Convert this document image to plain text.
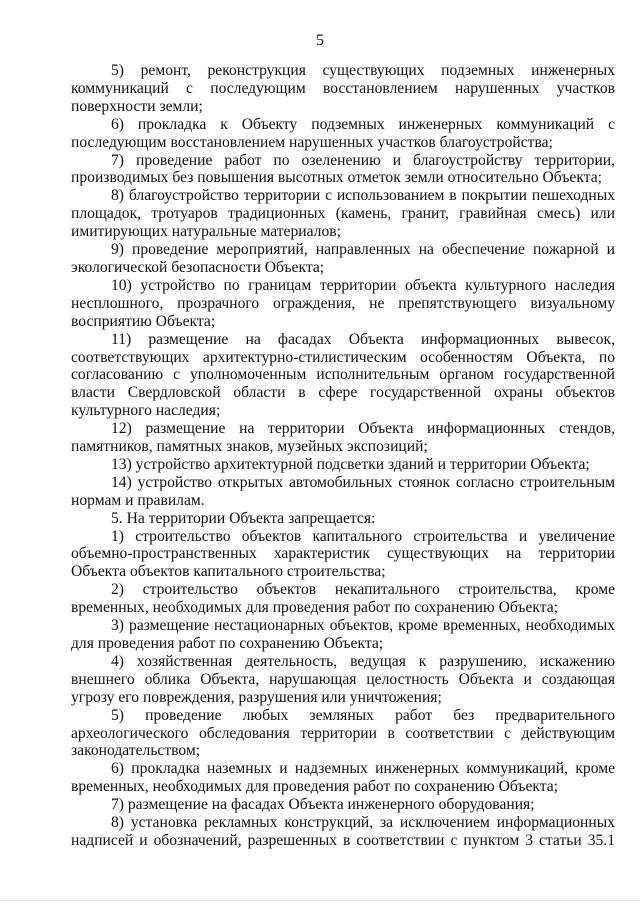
5

5) ремонт, реконструкция существующих подземных инженерных коммуникаций с последующим восстановлением нарушенных участков поверхности земли;

6) прокладка к Объекту подземных инженерных коммуникаций с последующим восстановлением нарушенных участков благоустройства;

7) проведение работ по озеленению и благоустройству территории, производимых без повышения высотных отметок земли относительно Объекта;

8) благоустройство территории с использованием в покрытии пешеходных площадок, тротуаров традиционных (камень, гранит, гравийная смесь) или имитирующих натуральные материалов;

9) проведение мероприятий, направленных на обеспечение пожарной и экологической безопасности Объекта;

10) устройство по границам территории объекта культурного наследия несплошного, прозрачного ограждения, не препятствующего визуальному восприятию Объекта;

11) размещение на фасадах Объекта информационных вывесок, соответствующих архитектурно-стилистическим особенностям Объекта, по согласованию с уполномоченным исполнительным органом государственной власти Свердловской области в сфере государственной охраны объектов культурного наследия;

12) размещение на территории Объекта информационных стендов, памятников, памятных знаков, музейных экспозиций;

13) устройство архитектурной подсветки зданий и территории Объекта;

14) устройство открытых автомобильных стоянок согласно строительным нормам и правилам.

5. На территории Объекта запрещается:

1) строительство объектов капитального строительства и увеличение объемно-пространственных характеристик существующих на территории Объекта объектов капитального строительства;

2) строительство объектов некапитального строительства, кроме временных, необходимых для проведения работ по сохранению Объекта;

3) размещение нестационарных объектов, кроме временных, необходимых для проведения работ по сохранению Объекта;

4) хозяйственная деятельность, ведущая к разрушению, искажению внешнего облика Объекта, нарушающая целостность Объекта и создающая угрозу его повреждения, разрушения или уничтожения;

5) проведение любых земляных работ без предварительного археологического обследования территории в соответствии с действующим законодательством;

6) прокладка наземных и надземных инженерных коммуникаций, кроме временных, необходимых для проведения работ по сохранению Объекта;

7) размещение на фасадах Объекта инженерного оборудования;

8) установка рекламных конструкций, за исключением информационных надписей и обозначений, разрешенных в соответствии с пунктом 3 статьи 35.1
